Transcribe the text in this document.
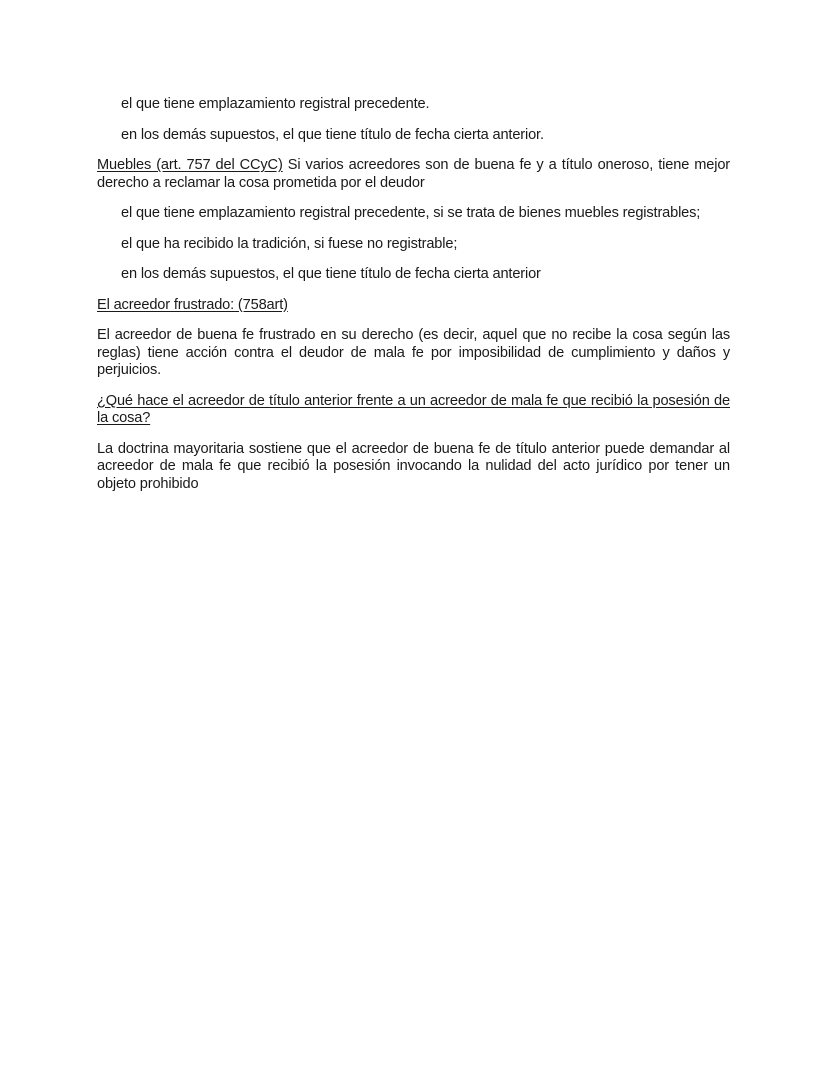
el que tiene emplazamiento registral precedente.

en los demás supuestos, el que tiene título de fecha cierta anterior.

Muebles (art. 757 del CCyC) Si varios acreedores son de buena fe y a título oneroso, tiene mejor derecho a reclamar la cosa prometida por el deudor

el que tiene emplazamiento registral precedente, si se trata de bienes muebles registrables;

el que ha recibido la tradición, si fuese no registrable;

en los demás supuestos, el que tiene título de fecha cierta anterior

El acreedor frustrado: (758art)

El acreedor de buena fe frustrado en su derecho (es decir, aquel que no recibe la cosa según las reglas) tiene acción contra el deudor de mala fe por imposibilidad de cumplimiento y daños y perjuicios.

¿Qué hace el acreedor de título anterior frente a un acreedor de mala fe que recibió la posesión de la cosa?

La doctrina mayoritaria sostiene que el acreedor de buena fe de título anterior puede demandar al acreedor de mala fe que recibió la posesión invocando la nulidad del acto jurídico por tener un objeto prohibido
